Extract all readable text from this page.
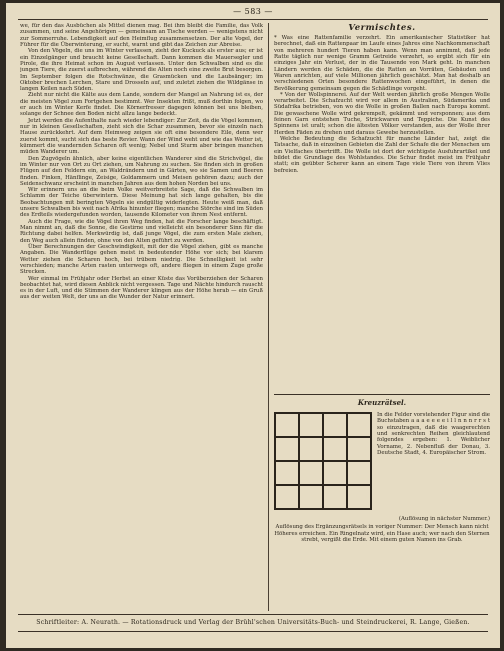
— 583 —

we, für den das Ausbüchen als Mittel dienen mag. Bei ihm bleibt die Familie, das Volk zusammen, und seine Angehörigen — gemeinsam an Tische werden — wenigstens nicht zur Sommerruhe. Lebendigkeit auf den Heimflug zusammensetzen. Der alte Vogel, der Führer für die Überwinterung, er sucht, warnt und gibt das Zeichen zur Abreise.

Von den Vögeln, die uns im Winter verlassen, zieht der Kuckuck als erster aus; er ist ein Einzelgänger und braucht keine Gesellschaft. Dann kommen die Mauersegler und Pirole, die ihre Heimat schon im August verlassen. Unter den Schwalben sind es die jungen Tiere, die zuerst aufbrechen, während die Alten noch eine zweite Brut besorgen. Im September folgen die Rotschwänze, die Grasmücken und die Laubsänger; im Oktober brechen Lerchen, Stare und Drosseln auf, und zuletzt ziehen die Wildgänse in langen Keilen nach Süden.

Zieht nur nicht die Kälte aus dem Lande, sondern der Mangel an Nahrung ist es, der die meisten Vögel zum Fortgehen bestimmt. Wer Insekten frißt, muß dorthin folgen, wo er auch im Winter Kerfe findet. Die Körnerfresser dagegen können bei uns bleiben, solange der Schnee den Boden nicht allzu lange bedeckt.

Jetzt werden die Aufenthalte nach wieder lebendiger: Zur Zeit, da die Vögel kommen, nur in kleinen Gesellschaften, zieht sich die Schar zusammen, bevor sie einzeln nach Hause zurückkehrt. Auf dem Heimweg zeigen sie oft eine besondere Eile, denn wer zuerst kommt, sucht sich das beste Revier. Wann der Wind weht und wie das Wetter ist, kümmert die wandernden Scharen oft wenig; Nebel und Sturm aber bringen manchen müden Wanderer um.

Den Zugvögeln ähnlich, aber keine eigentlichen Wanderer sind die Strichvögel, die im Winter nur von Ort zu Ort ziehen, um Nahrung zu suchen. Sie finden sich in großen Flügen auf den Feldern ein, an Waldrändern und in Gärten, wo sie Samen und Beeren finden. Finken, Hänflinge, Zeisige, Goldammern und Meisen gehören dazu; auch der Seidenschwanz erscheint in manchen Jahren aus dem hohen Norden bei uns.

Wir erinnern uns an die beim Volke weitverbreitete Sage, daß die Schwalben im Schlamm der Teiche überwintern. Diese Meinung hat sich lange gehalten, bis die Beobachtungen mit beringten Vögeln sie endgültig widerlegten. Heute weiß man, daß unsere Schwalben bis weit nach Afrika hinunter fliegen; manche Störche sind im Süden des Erdteils wiedergefunden worden, tausende Kilometer von ihrem Nest entfernt.

Auch die Frage, wie die Vögel ihren Weg finden, hat die Forscher lange beschäftigt. Man nimmt an, daß die Sonne, die Gestirne und vielleicht ein besonderer Sinn für die Richtung dabei helfen. Merkwürdig ist, daß junge Vögel, die zum ersten Male ziehen, den Weg auch allein finden, ohne von den Alten geführt zu werden.

Über Berechnungen der Geschwindigkeit, mit der die Vögel ziehen, gibt es manche Angaben. Die Wanderflüge gehen meist in bedeutender Höhe vor sich; bei klarem Wetter ziehen die Scharen hoch, bei trübem niedrig. Die Schnelligkeit ist sehr verschieden; manche Arten rasten unterwegs oft, andere fliegen in einem Zuge große Strecken.

Wer einmal im Frühjahr oder Herbst an einer Küste das Vorüberziehen der Scharen beobachtet hat, wird diesen Anblick nicht vergessen. Tage und Nächte hindurch rauscht es in der Luft, und die Stimmen der Wanderer klingen aus der Höhe herab — ein Gruß aus der weiten Welt, der uns an die Wunder der Natur erinnert.

Vermischtes.

* Was eine Rattenfamilie verzehrt. Ein amerikanischer Statistiker hat berechnet, daß ein Rattenpaar im Laufe eines Jahres eine Nachkommenschaft von mehreren hundert Tieren haben kann. Wenn man annimmt, daß jede Ratte täglich nur wenige Gramm Getreide verzehrt, so ergibt sich für ein einziges Jahr ein Verlust, der in die Tausende von Mark geht. In manchen Ländern werden die Schäden, die die Ratten an Vorräten, Gebäuden und Waren anrichten, auf viele Millionen jährlich geschätzt. Man hat deshalb an verschiedenen Orten besondere Rattenwochen eingeführt, in denen die Bevölkerung gemeinsam gegen die Schädlinge vorgeht.

* Von der Wollspinnerei. Auf der Welt werden jährlich große Mengen Wolle verarbeitet. Die Schafzucht wird vor allem in Australien, Südamerika und Südafrika betrieben, von wo die Wolle in großen Ballen nach Europa kommt. Die gewaschene Wolle wird gekrempelt, gekämmt und versponnen; aus dem feinen Garn entstehen Tuche, Strickwaren und Teppiche. Die Kunst des Spinnens ist uralt; schon die ältesten Völker verstanden, aus der Wolle ihrer Herden Fäden zu drehen und daraus Gewebe herzustellen.

Welche Bedeutung die Schafzucht für manche Länder hat, zeigt die Tatsache, daß in einzelnen Gebieten die Zahl der Schafe die der Menschen um ein Vielfaches übertrifft. Die Wolle ist dort der wichtigste Ausfuhrartikel und bildet die Grundlage des Wohlstandes. Die Schur findet meist im Frühjahr statt; ein geübter Scherer kann an einem Tage viele Tiere von ihrem Vlies befreien.

Kreuzrätsel.

In die Felder vorstehender Figur sind die Buchstaben a a a e e e e i l l n n n r r s t so einzutragen, daß die waagerechten und senkrechten Reihen gleichlautend folgendes ergeben: 1. Weiblicher Vorname, 2. Nebenfluß der Donau, 3. Deutsche Stadt, 4. Europäischer Strom.

(Auflösung in nächster Nummer.)
Auflösung des Ergänzungsrätsels in voriger Nummer: Der Mensch kann nicht Höheres erreichen. Ein Ringelnatz wird, ein Hase auch; wer nach den Sternen strebt, vergißt die Erde. Mit einem guten Namen ins Grab.

Schriftleiter: A. Neurath. — Rotationsdruck und Verlag der Brühl'schen Universitäts-Buch- und Steindruckerei, R. Lange, Gießen.
